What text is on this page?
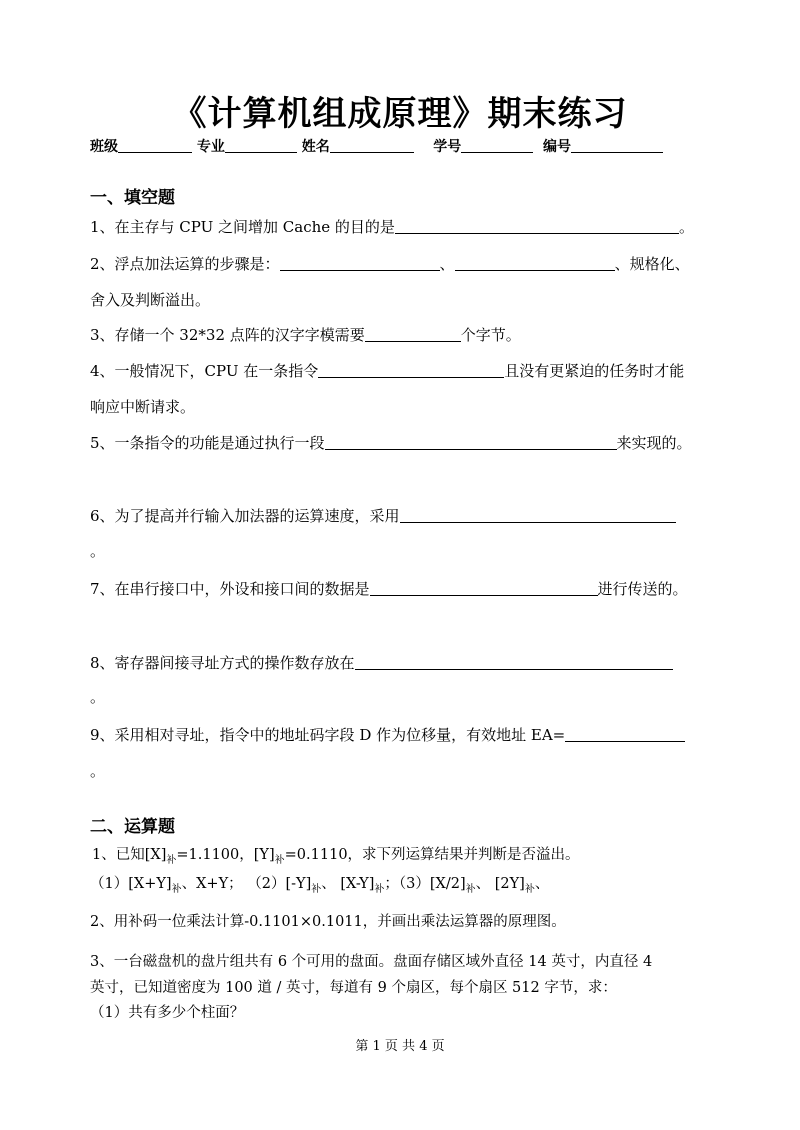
《计算机组成原理》期末练习
班级	专业	姓名	学号	编号
一、填空题
1、在主存与 CPU 之间增加 Cache 的目的是	。
2、浮点加法运算的步骤是：	、	、规格化、
舍入及判断溢出。
3、存储一个 32*32 点阵的汉字字模需要	个字节。
4、一般情况下，CPU 在一条指令	且没有更紧迫的任务时才能
响应中断请求。
5、一条指令的功能是通过执行一段	来实现的。
6、为了提高并行输入加法器的运算速度，采用
。
7、在串行接口中，外设和接口间的数据是	进行传送的。
8、寄存器间接寻址方式的操作数存放在
。
9、采用相对寻址，指令中的地址码字段 D 作为位移量，有效地址 EA=
。
二、运算题
1、已知$[X]_补=1.1100$，$[Y]_补=0.1110$，求下列运算结果并判断是否溢出。
$(1)[X+Y]_补$、X+Y； $(2)[-Y]_补$、 $[X-Y]_补$；$(3)[X/2]_补$、 $[2Y]_补$、
2、用补码一位乘法计算-0.1101×0.1011，并画出乘法运算器的原理图。
3、一台磁盘机的盘片组共有 6 个可用的盘面。盘面存储区域外直径 14 英寸，内直径 4
英寸，已知道密度为 100 道 / 英寸，每道有 9 个扇区，每个扇区 512 字节，求：
（1）共有多少个柱面？
第 1 页 共 4 页
